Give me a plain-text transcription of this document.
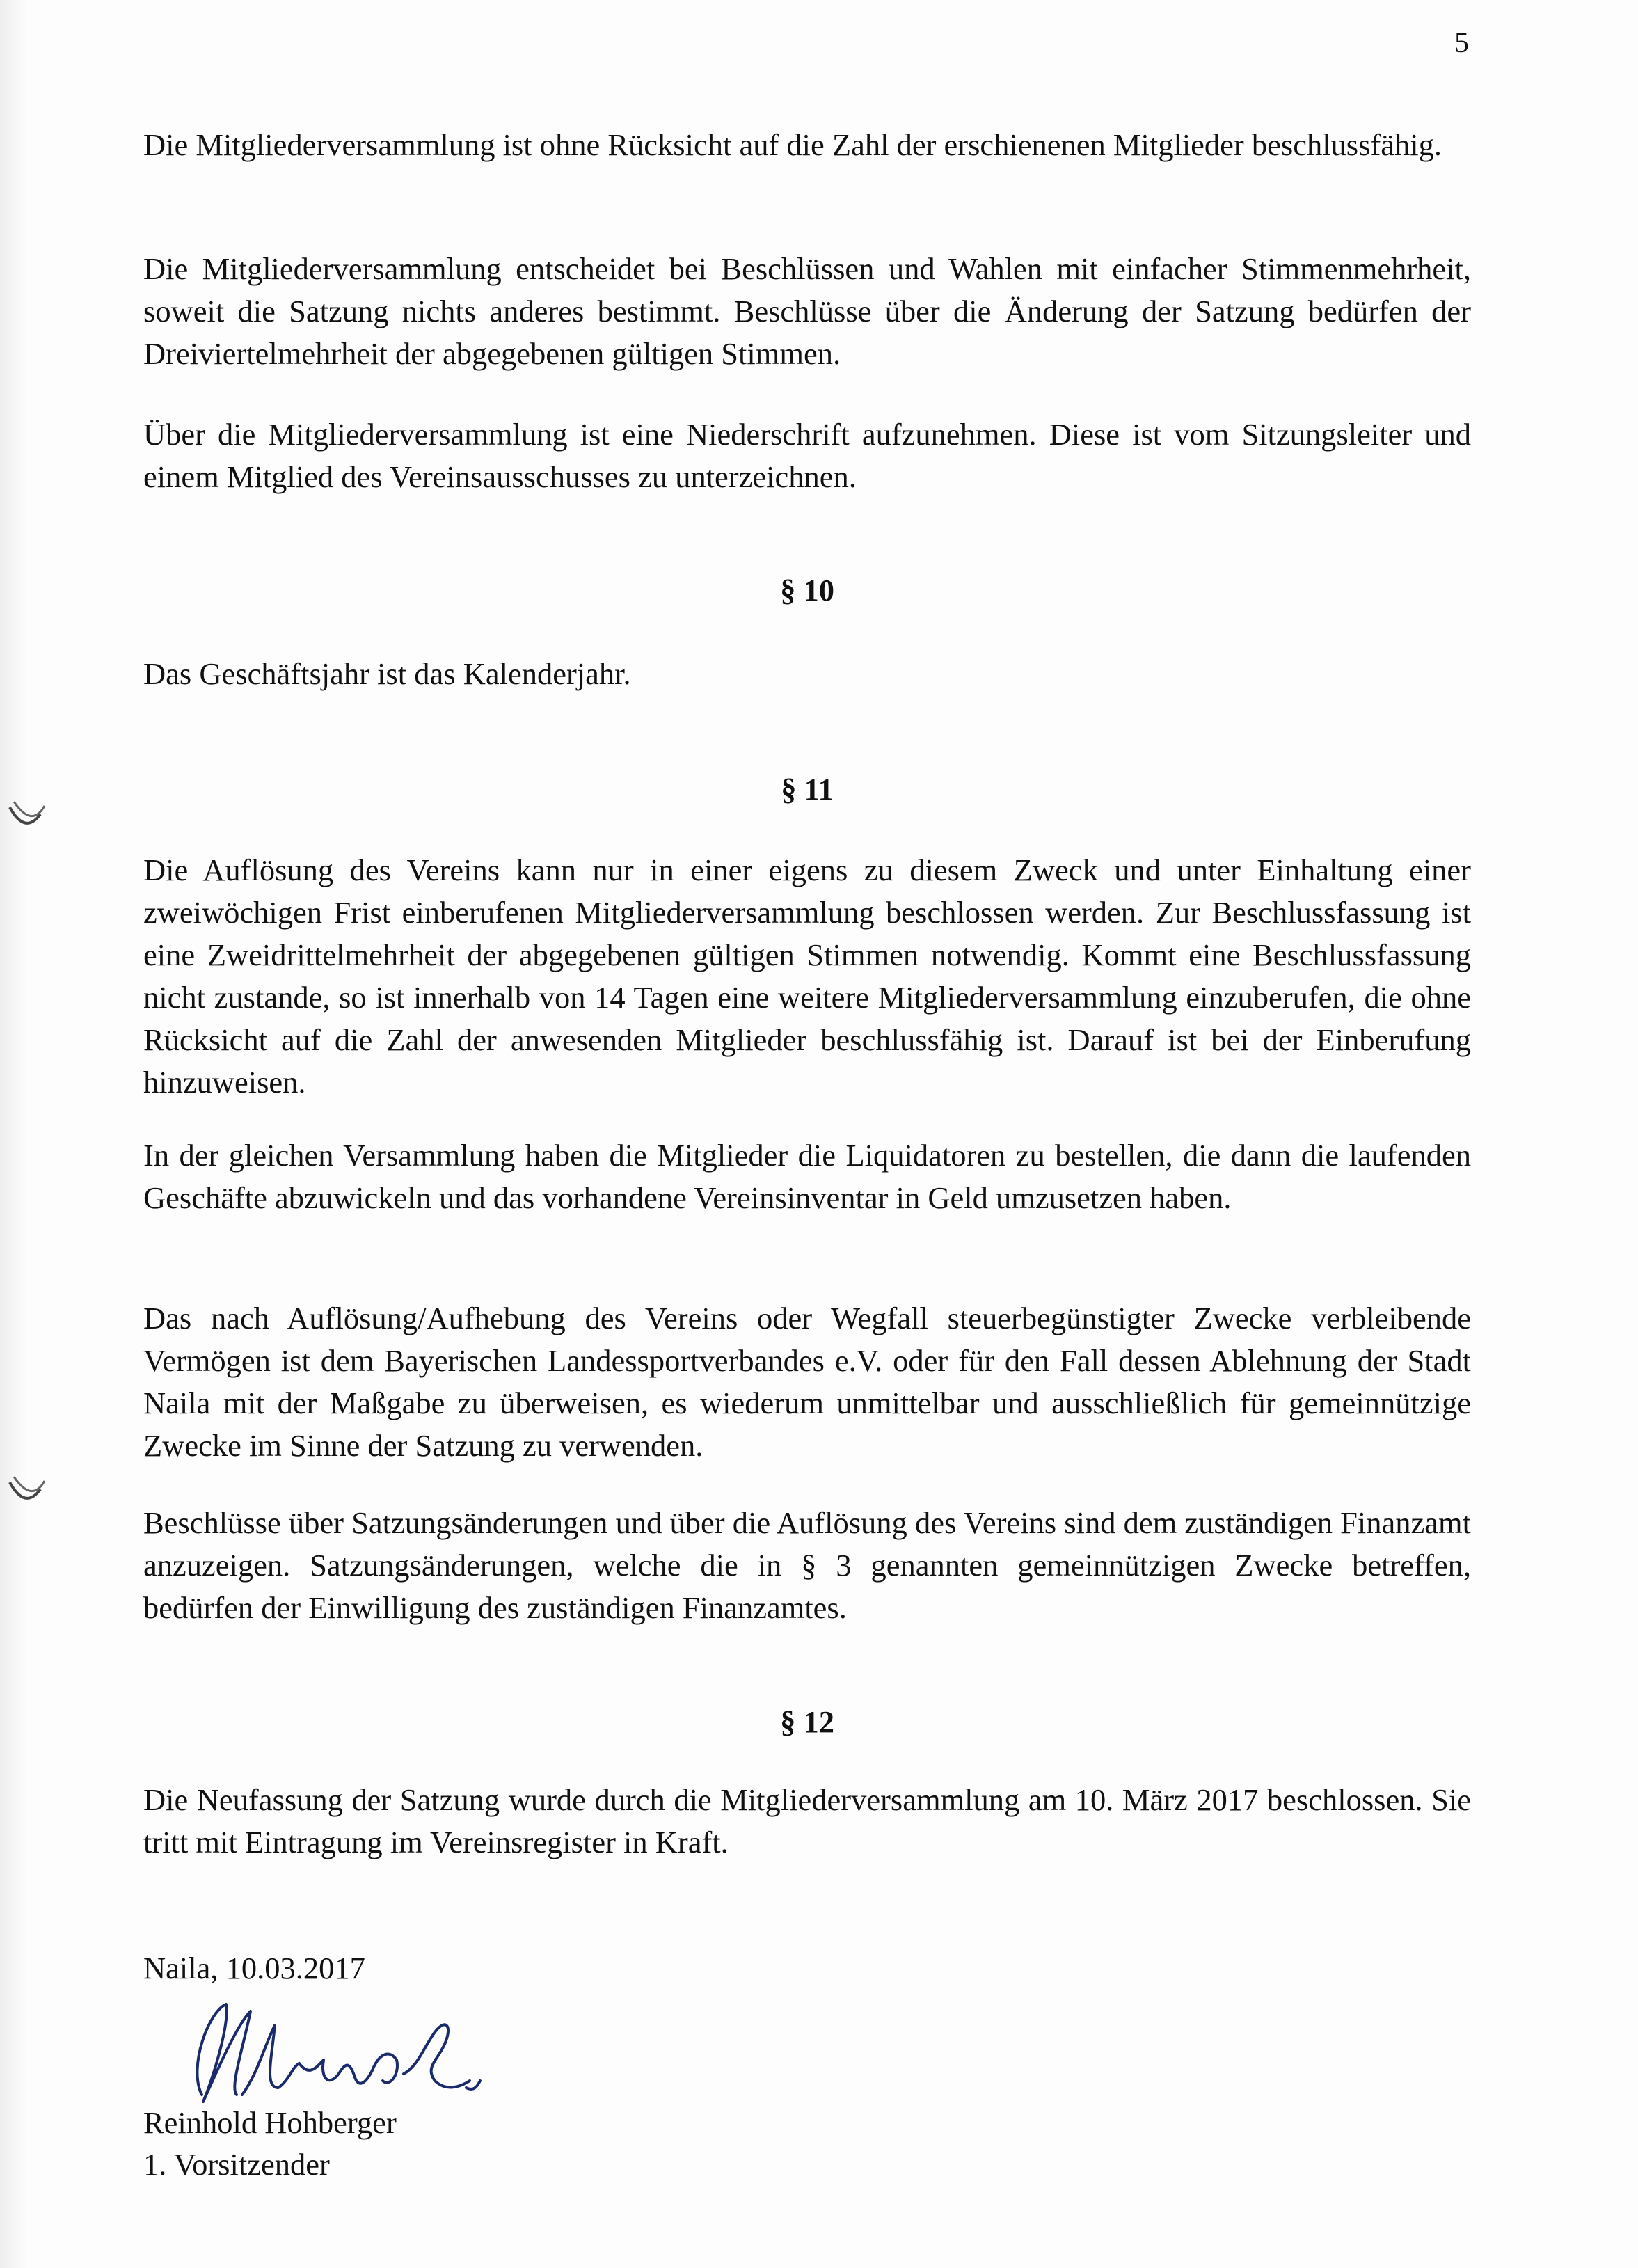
5

Die Mitgliederversammlung ist ohne Rücksicht auf die Zahl der erschienenen Mitglieder beschlussfähig.

Die Mitgliederversammlung entscheidet bei Beschlüssen und Wahlen mit einfacher Stimmenmehrheit, soweit die Satzung nichts anderes bestimmt. Beschlüsse über die Änderung der Satzung bedürfen der Dreiviertelmehrheit der abgegebenen gültigen Stimmen.

Über die Mitgliederversammlung ist eine Niederschrift aufzunehmen. Diese ist vom Sitzungsleiter und einem Mitglied des Vereinsausschusses zu unterzeichnen.

§ 10

Das Geschäftsjahr ist das Kalenderjahr.

§ 11

Die Auflösung des Vereins kann nur in einer eigens zu diesem Zweck und unter Einhaltung einer zweiwöchigen Frist einberufenen Mitgliederversammlung beschlossen werden. Zur Beschlussfassung ist eine Zweidrittelmehrheit der abgegebenen gültigen Stimmen notwendig. Kommt eine Beschlussfassung nicht zustande, so ist innerhalb von 14 Tagen eine weitere Mitgliederversammlung einzuberufen, die ohne Rücksicht auf die Zahl der anwesenden Mitglieder beschlussfähig ist. Darauf ist bei der Einberufung hinzuweisen.

In der gleichen Versammlung haben die Mitglieder die Liquidatoren zu bestellen, die dann die laufenden Geschäfte abzuwickeln und das vorhandene Vereinsinventar in Geld umzusetzen haben.

Das nach Auflösung/Aufhebung des Vereins oder Wegfall steuerbegünstigter Zwecke verbleibende Vermögen ist dem Bayerischen Landessportverbandes e.V. oder für den Fall dessen Ablehnung der Stadt Naila mit der Maßgabe zu überweisen, es wiederum unmittelbar und ausschließlich für gemeinnützige Zwecke im Sinne der Satzung zu verwenden.

Beschlüsse über Satzungsänderungen und über die Auflösung des Vereins sind dem zuständigen Finanzamt anzuzeigen. Satzungsänderungen, welche die in § 3 genannten gemeinnützigen Zwecke betreffen, bedürfen der Einwilligung des zuständigen Finanzamtes.

§ 12

Die Neufassung der Satzung wurde durch die Mitgliederversammlung am 10. März 2017 beschlossen. Sie tritt mit Eintragung im Vereinsregister in Kraft.

Naila, 10.03.2017
Reinhold Hohberger
1. Vorsitzender
